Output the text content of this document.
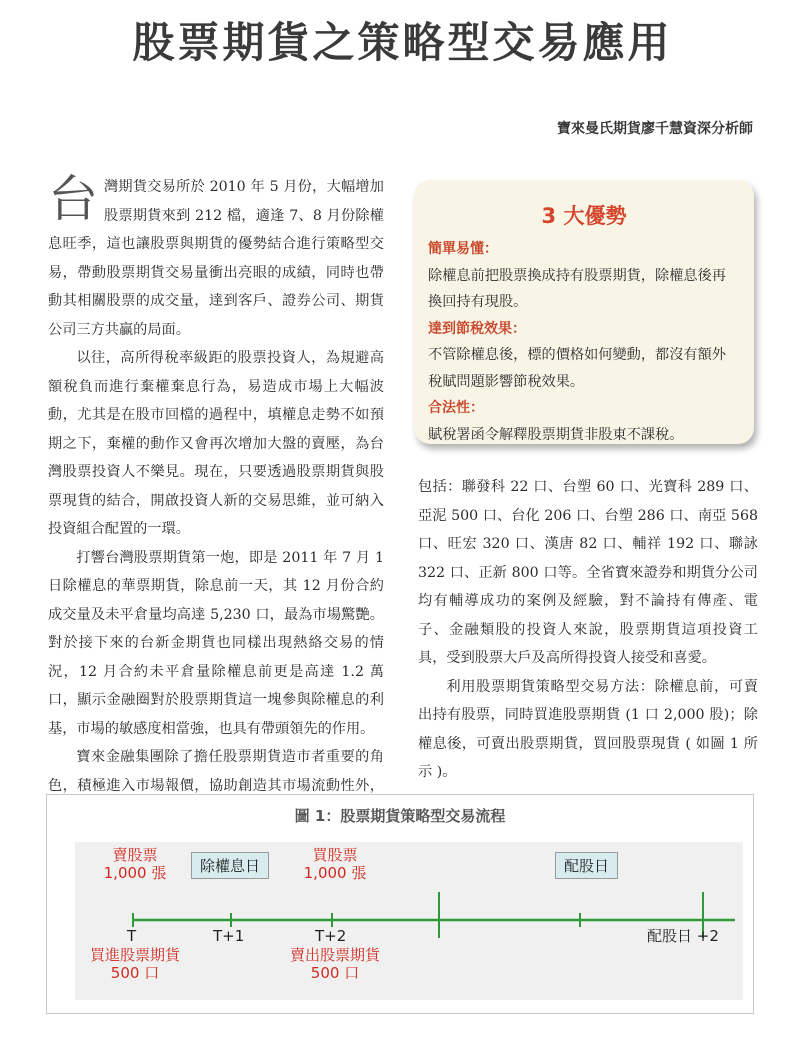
股票期貨之策略型交易應用
寶來曼氏期貨廖千慧資深分析師

台灣期貨交易所於 2010 年 5 月份，大幅增加股票期貨來到 212 檔，適逢 7、8 月份除權息旺季，這也讓股票與期貨的優勢結合進行策略型交易，帶動股票期貨交易量衝出亮眼的成績，同時也帶動其相關股票的成交量，達到客戶、證券公司、期貨公司三方共贏的局面。

以往，高所得稅率級距的股票投資人，為規避高額稅負而進行棄權棄息行為，易造成市場上大幅波動，尤其是在股市回檔的過程中，填權息走勢不如預期之下，棄權的動作又會再次增加大盤的賣壓，為台灣股票投資人不樂見。現在，只要透過股票期貨與股票現貨的結合，開啟投資人新的交易思維，並可納入投資組合配置的一環。

打響台灣股票期貨第一炮，即是 2011 年 7 月 1 日除權息的華票期貨，除息前一天，其 12 月份合約成交量及未平倉量均高達 5,230 口，最為市場驚艷。對於接下來的台新金期貨也同樣出現熱絡交易的情況，12 月合約未平倉量除權息前更是高達 1.2 萬口，顯示金融圈對於股票期貨這一塊參與除權息的利基，市場的敏感度相當強，也具有帶頭領先的作用。

寶來金融集團除了擔任股票期貨造市者重要的角色，積極進入市場報價，協助創造其市場流動性外，

3 大優勢
簡單易懂：
除權息前把股票換成持有股票期貨，除權息後再換回持有現股。
達到節稅效果：
不管除權息後，標的價格如何變動，都沒有額外稅賦問題影響節稅效果。
合法性：
賦稅署函令解釋股票期貨非股東不課稅。

包括：聯發科 22 口、台塑 60 口、光寶科 289 口、亞泥 500 口、台化 206 口、台塑 286 口、南亞 568 口、旺宏 320 口、漢唐 82 口、輔祥 192 口、聯詠 322 口、正新 800 口等。全省寶來證券和期貨分公司均有輔導成功的案例及經驗，對不論持有傳產、電子、金融類股的投資人來說，股票期貨這項投資工具，受到股票大戶及高所得投資人接受和喜愛。

利用股票期貨策略型交易方法：除權息前，可賣出持有股票，同時買進股票期貨 (1 口 2,000 股)；除權息後，可賣出股票期貨，買回股票現貨 ( 如圖 1 所示 )。

圖 1：股票期貨策略型交易流程
賣股票
1,000 張	除權息日
買股票
1,000 張	配股日
T	T+1	T+2	配股日 +2
買進股票期貨
500 口
賣出股票期貨
500 口
